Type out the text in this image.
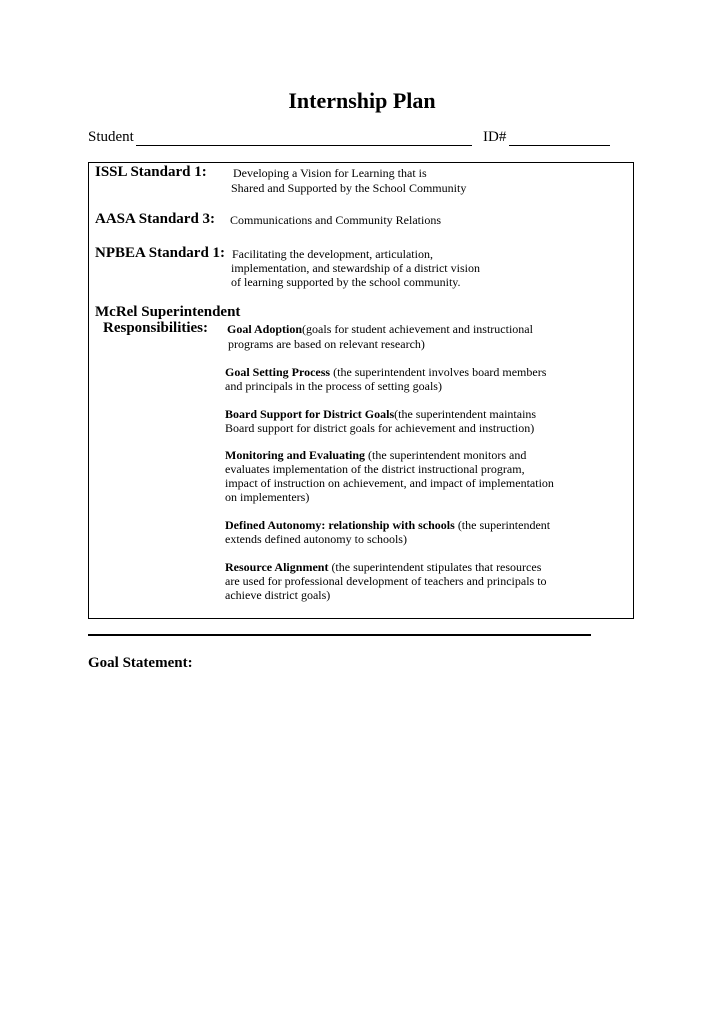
Internship Plan
Student	ID#
ISSL Standard 1: Developing a Vision for Learning that is
Shared and Supported by the School Community
AASA Standard 3: Communications and Community Relations
NPBEA Standard 1: Facilitating the development, articulation,
implementation, and stewardship of a district vision
of learning supported by the school community.
McRel Superintendent
Responsibilities: Goal Adoption(goals for student achievement and instructional
programs are based on relevant research)
Goal Setting Process (the superintendent involves board members
and principals in the process of setting goals)
Board Support for District Goals(the superintendent maintains
Board support for district goals for achievement and instruction)
Monitoring and Evaluating (the superintendent monitors and
evaluates implementation of the district instructional program,
impact of instruction on achievement, and impact of implementation
on implementers)
Defined Autonomy: relationship with schools (the superintendent
extends defined autonomy to schools)
Resource Alignment (the superintendent stipulates that resources
are used for professional development of teachers and principals to
achieve district goals)
Goal Statement:
